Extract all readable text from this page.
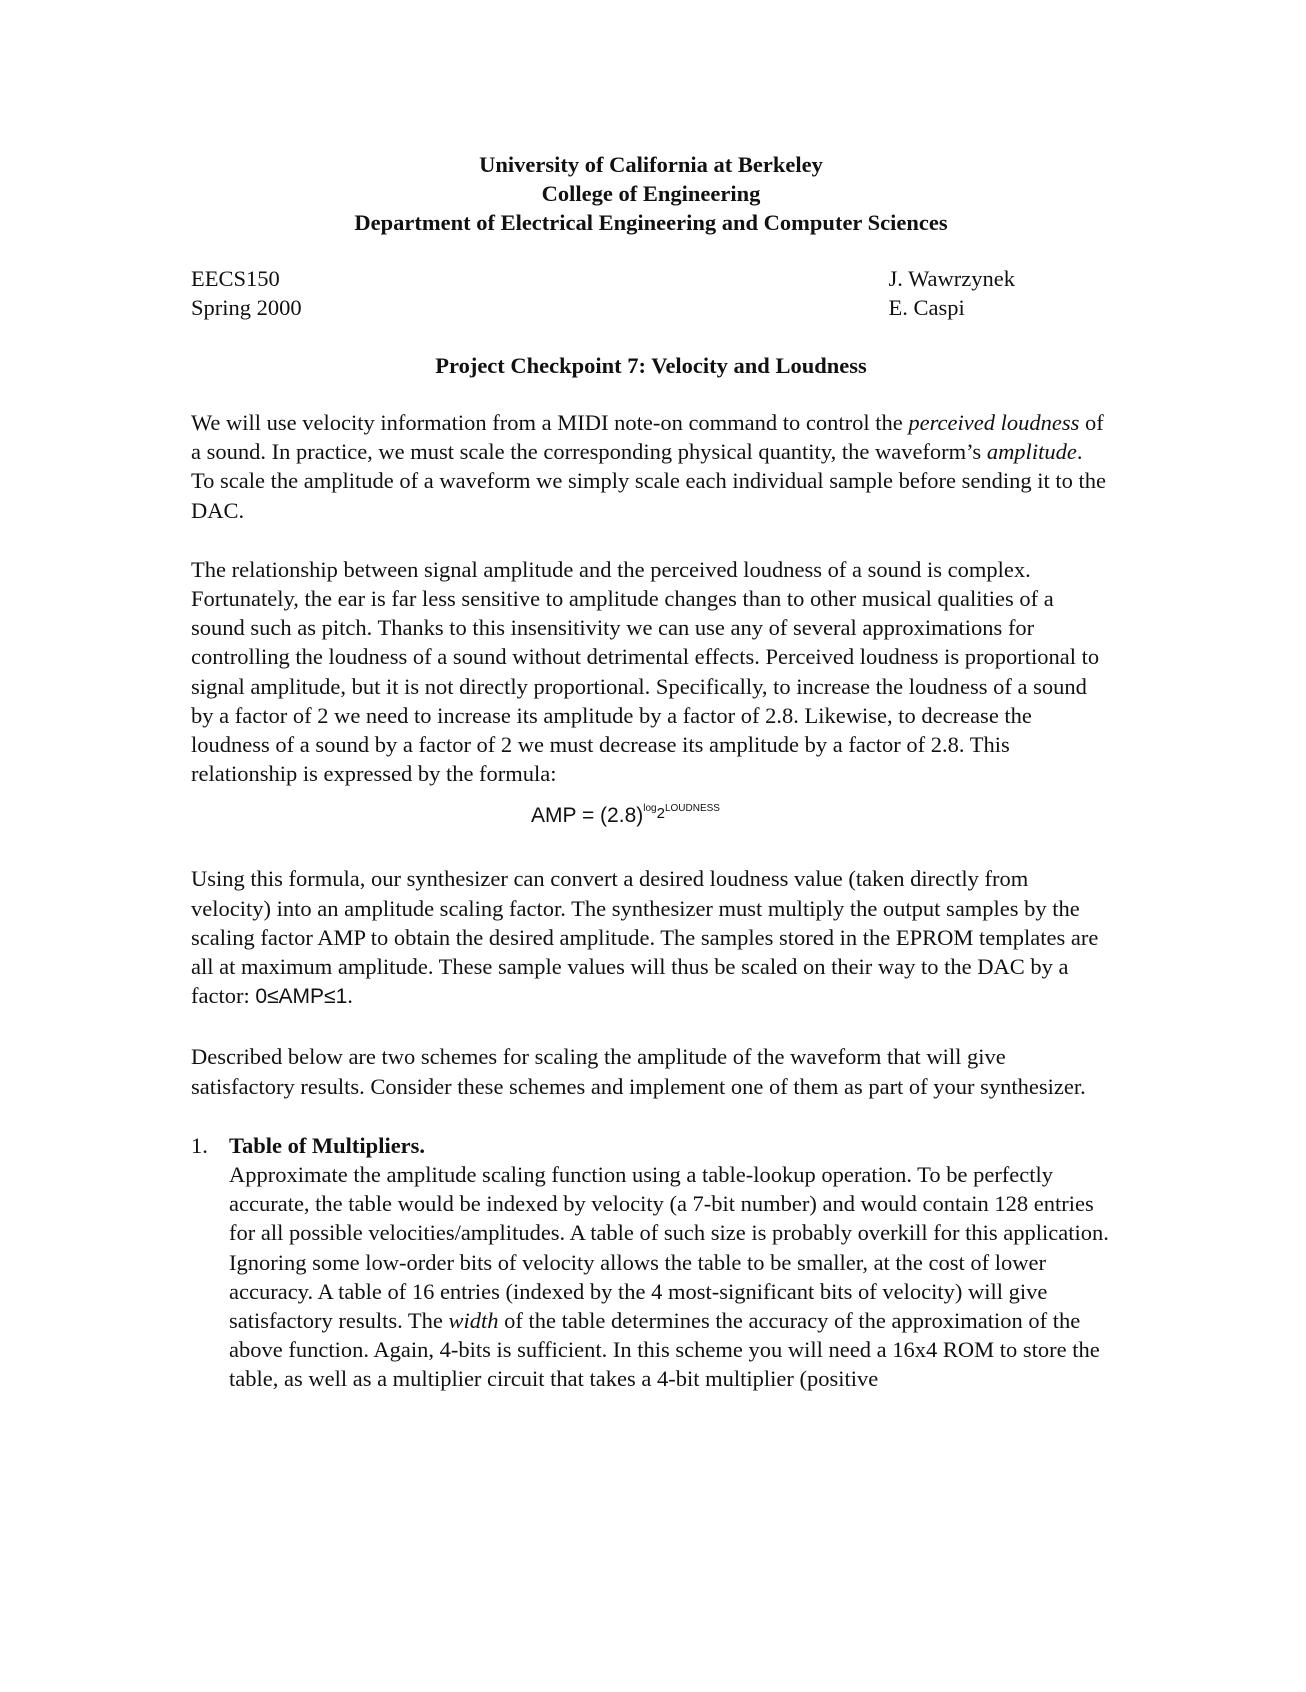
University of California at Berkeley
College of Engineering
Department of Electrical Engineering and Computer Sciences
EECS150
Spring 2000
J. Wawrzynek
E. Caspi
Project Checkpoint 7: Velocity and Loudness

We will use velocity information from a MIDI note-on command to control the perceived loudness of a sound. In practice, we must scale the corresponding physical quantity, the waveform’s amplitude. To scale the amplitude of a waveform we simply scale each individual sample before sending it to the DAC.

The relationship between signal amplitude and the perceived loudness of a sound is complex. Fortunately, the ear is far less sensitive to amplitude changes than to other musical qualities of a sound such as pitch. Thanks to this insensitivity we can use any of several approximations for controlling the loudness of a sound without detrimental effects. Perceived loudness is proportional to signal amplitude, but it is not directly proportional. Specifically, to increase the loudness of a sound by a factor of 2 we need to increase its amplitude by a factor of 2.8. Likewise, to decrease the loudness of a sound by a factor of 2 we must decrease its amplitude by a factor of 2.8. This relationship is expressed by the formula:

AMP = $(2.8)^{log2LOUDNESS}$

Using this formula, our synthesizer can convert a desired loudness value (taken directly from velocity) into an amplitude scaling factor. The synthesizer must multiply the output samples by the scaling factor AMP to obtain the desired amplitude. The samples stored in the EPROM templates are all at maximum amplitude. These sample values will thus be scaled on their way to the DAC by a factor: 0≤AMP≤1.

Described below are two schemes for scaling the amplitude of the waveform that will give satisfactory results. Consider these schemes and implement one of them as part of your synthesizer.

1. Table of Multipliers.
Approximate the amplitude scaling function using a table-lookup operation. To be perfectly accurate, the table would be indexed by velocity (a 7-bit number) and would contain 128 entries for all possible velocities/amplitudes. A table of such size is probably overkill for this application. Ignoring some low-order bits of velocity allows the table to be smaller, at the cost of lower accuracy. A table of 16 entries (indexed by the 4 most-significant bits of velocity) will give satisfactory results. The width of the table determines the accuracy of the approximation of the above function. Again, 4-bits is sufficient. In this scheme you will need a 16x4 ROM to store the table, as well as a multiplier circuit that takes a 4-bit multiplier (positive
